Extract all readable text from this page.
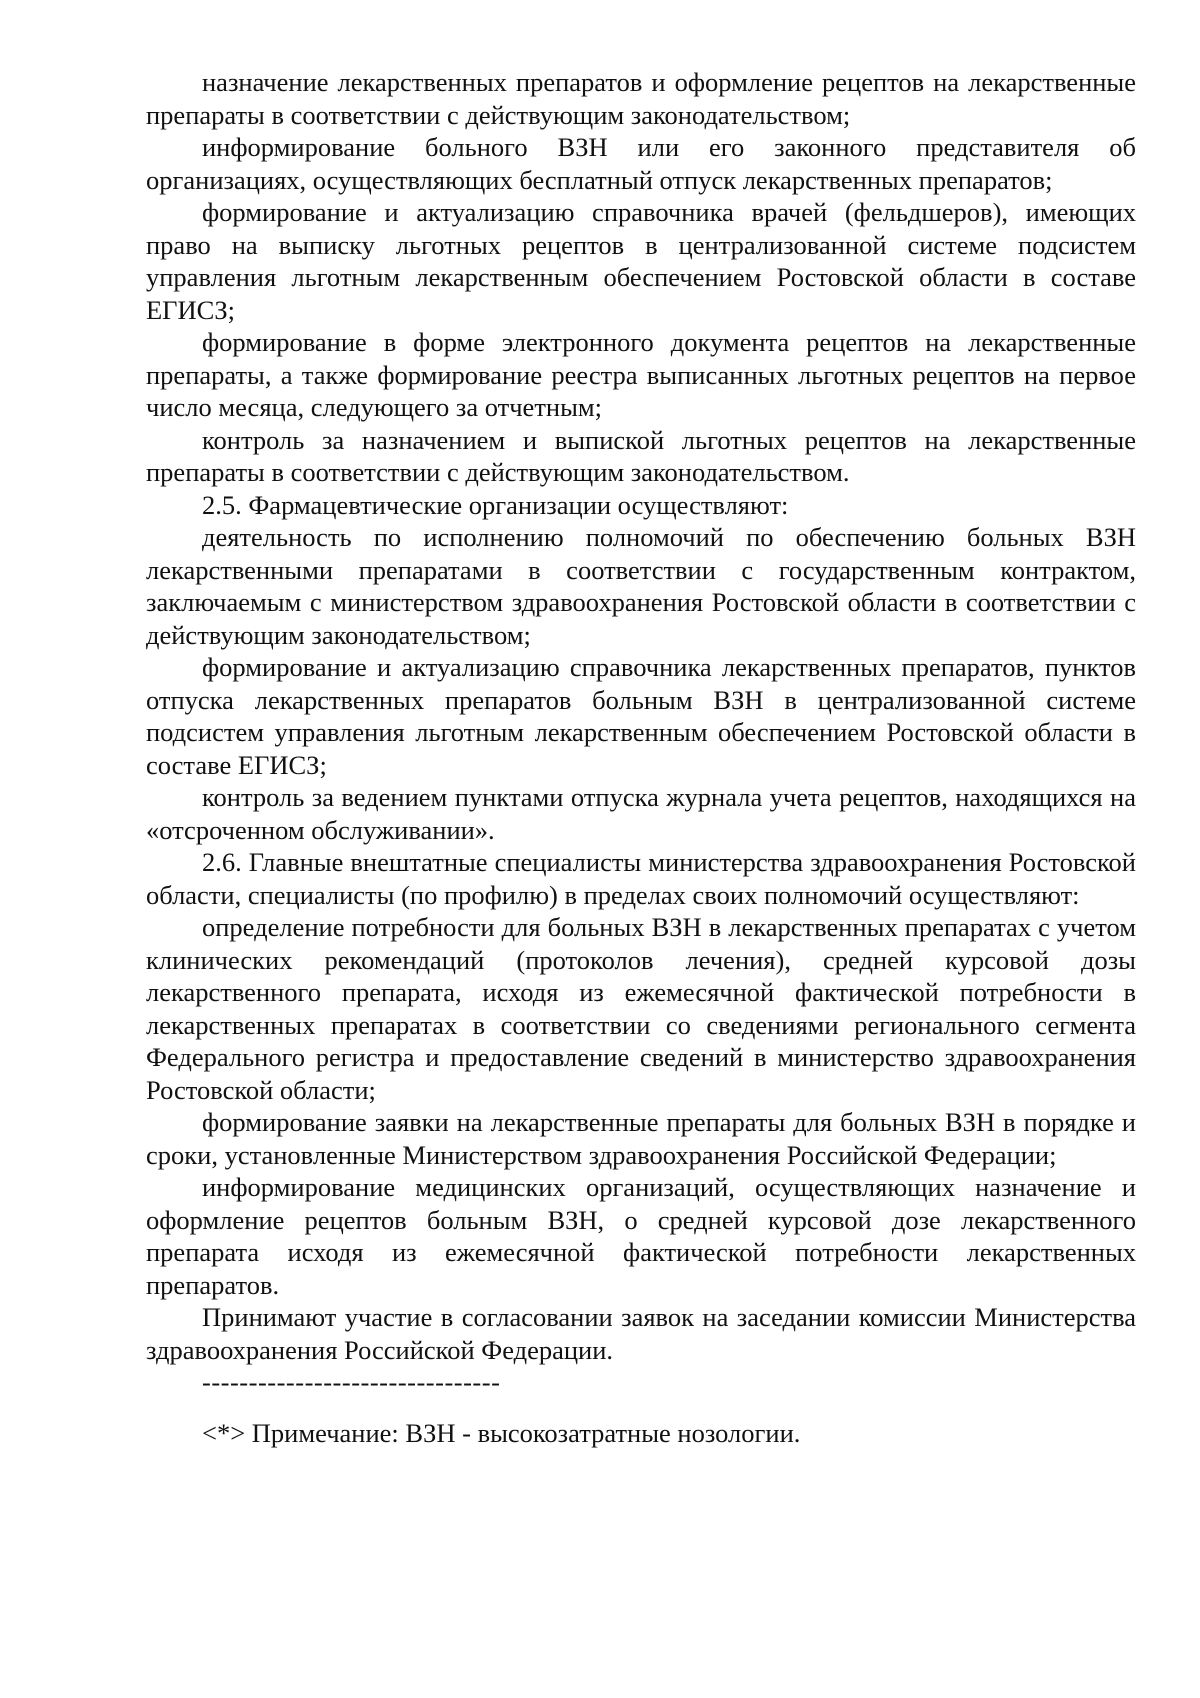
назначение лекарственных препаратов и оформление рецептов на лекарственные препараты в соответствии с действующим законодательством;

информирование больного ВЗН или его законного представителя об организациях, осуществляющих бесплатный отпуск лекарственных препаратов;

формирование и актуализацию справочника врачей (фельдшеров), имеющих право на выписку льготных рецептов в централизованной системе подсистем управления льготным лекарственным обеспечением Ростовской области в составе ЕГИСЗ;

формирование в форме электронного документа рецептов на лекарственные препараты, а также формирование реестра выписанных льготных рецептов на первое число месяца, следующего за отчетным;

контроль за назначением и выпиской льготных рецептов на лекарственные препараты в соответствии с действующим законодательством.

2.5. Фармацевтические организации осуществляют:

деятельность по исполнению полномочий по обеспечению больных ВЗН лекарственными препаратами в соответствии с государственным контрактом, заключаемым с министерством здравоохранения Ростовской области в соответствии с действующим законодательством;

формирование и актуализацию справочника лекарственных препаратов, пунктов отпуска лекарственных препаратов больным ВЗН в централизованной системе подсистем управления льготным лекарственным обеспечением Ростовской области в составе ЕГИСЗ;

контроль за ведением пунктами отпуска журнала учета рецептов, находящихся на «отсроченном обслуживании».

2.6. Главные внештатные специалисты министерства здравоохранения Ростовской области, специалисты (по профилю) в пределах своих полномочий осуществляют:

определение потребности для больных ВЗН в лекарственных препаратах с учетом клинических рекомендаций (протоколов лечения), средней курсовой дозы лекарственного препарата, исходя из ежемесячной фактической потребности в лекарственных препаратах в соответствии со сведениями регионального сегмента Федерального регистра и предоставление сведений в министерство здравоохранения Ростовской области;

формирование заявки на лекарственные препараты для больных ВЗН в порядке и сроки, установленные Министерством здравоохранения Российской Федерации;

информирование медицинских организаций, осуществляющих назначение и оформление рецептов больным ВЗН, о средней курсовой дозе лекарственного препарата исходя из ежемесячной фактической потребности лекарственных препаратов.

Принимают участие в согласовании заявок на заседании комиссии Министерства здравоохранения Российской Федерации.

--------------------------------

<*> Примечание: ВЗН - высокозатратные нозологии.
